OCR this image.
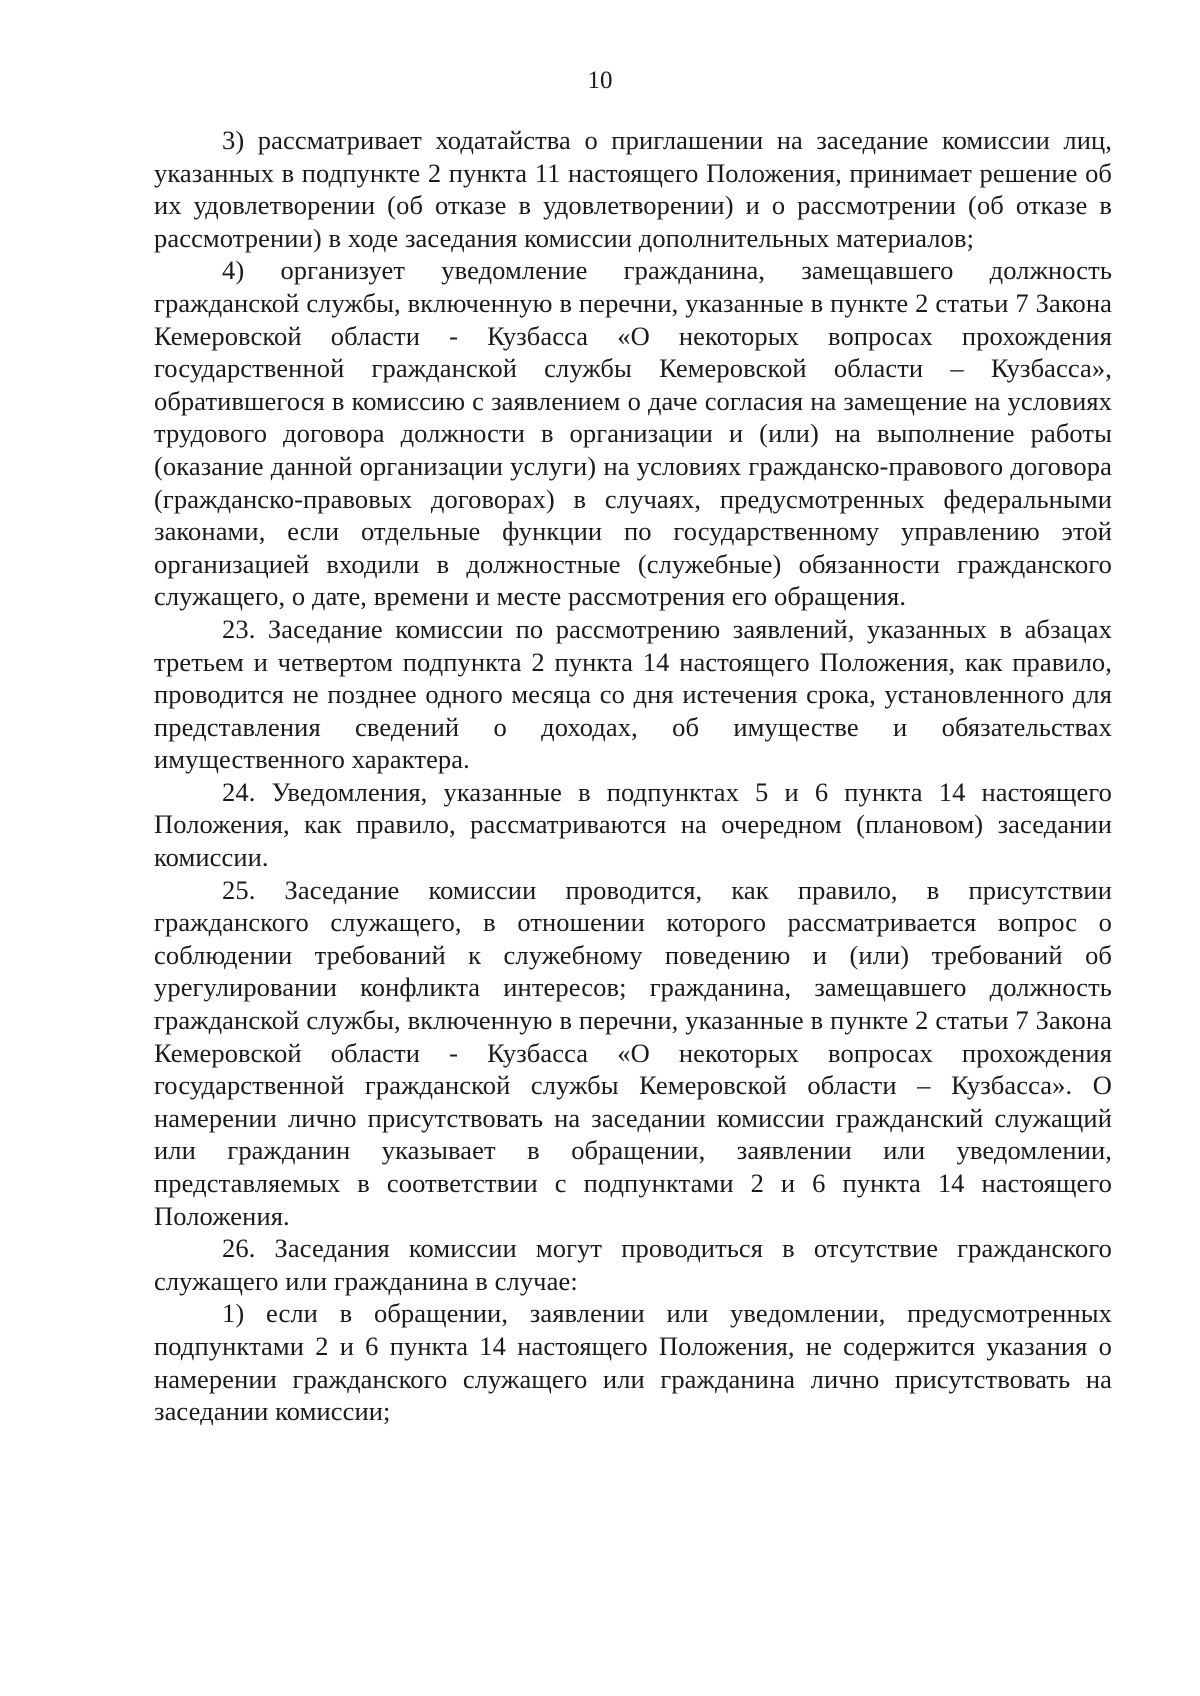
10

3) рассматривает ходатайства о приглашении на заседание комиссии лиц, указанных в подпункте 2 пункта 11 настоящего Положения, принимает решение об их удовлетворении (об отказе в удовлетворении) и о рассмотрении (об отказе в рассмотрении) в ходе заседания комиссии дополнительных материалов;

4) организует уведомление гражданина, замещавшего должность гражданской службы, включенную в перечни, указанные в пункте 2 статьи 7 Закона Кемеровской области - Кузбасса «О некоторых вопросах прохождения государственной гражданской службы Кемеровской области – Кузбасса», обратившегося в комиссию с заявлением о даче согласия на замещение на условиях трудового договора должности в организации и (или) на выполнение работы (оказание данной организации услуги) на условиях гражданско-правового договора (гражданско-правовых договорах) в случаях, предусмотренных федеральными законами, если отдельные функции по государственному управлению этой организацией входили в должностные (служебные) обязанности гражданского служащего, о дате, времени и месте рассмотрения его обращения.

23. Заседание комиссии по рассмотрению заявлений, указанных в абзацах третьем и четвертом подпункта 2 пункта 14 настоящего Положения, как правило, проводится не позднее одного месяца со дня истечения срока, установленного для представления сведений о доходах, об имуществе и обязательствах имущественного характера.

24. Уведомления, указанные в подпунктах 5 и 6 пункта 14 настоящего Положения, как правило, рассматриваются на очередном (плановом) заседании комиссии.

25. Заседание комиссии проводится, как правило, в присутствии гражданского служащего, в отношении которого рассматривается вопрос о соблюдении требований к служебному поведению и (или) требований об урегулировании конфликта интересов; гражданина, замещавшего должность гражданской службы, включенную в перечни, указанные в пункте 2 статьи 7 Закона Кемеровской области - Кузбасса «О некоторых вопросах прохождения государственной гражданской службы Кемеровской области – Кузбасса». О намерении лично присутствовать на заседании комиссии гражданский служащий или гражданин указывает в обращении, заявлении или уведомлении, представляемых в соответствии с подпунктами 2 и 6 пункта 14 настоящего Положения.

26. Заседания комиссии могут проводиться в отсутствие гражданского служащего или гражданина в случае:

1) если в обращении, заявлении или уведомлении, предусмотренных подпунктами 2 и 6 пункта 14 настоящего Положения, не содержится указания о намерении гражданского служащего или гражданина лично присутствовать на заседании комиссии;
